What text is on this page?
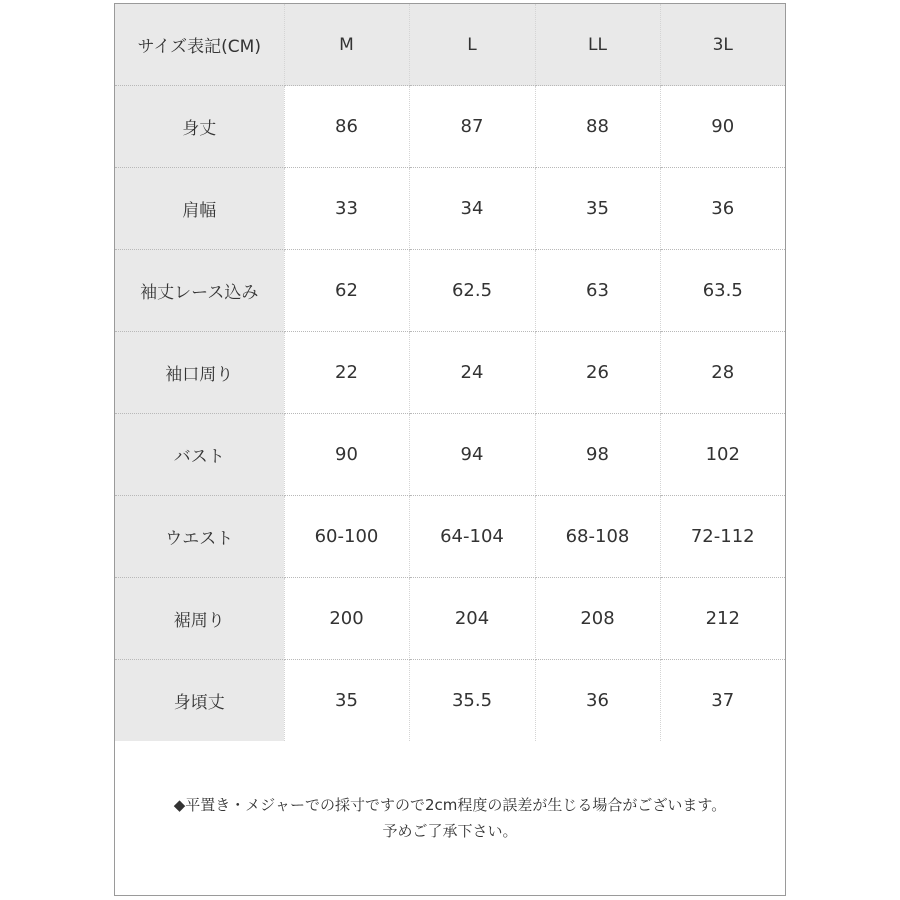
サイズ表記(CM)	M	L	LL	3L
身丈	86	87	88	90
肩幅	33	34	35	36
袖丈レース込み	62	62.5	63	63.5
袖口周り	22	24	26	28
バスト	90	94	98	102
ウエスト	60-100	64-104	68-108	72-112
裾周り	200	204	208	212
身頃丈	35	35.5	36	37
◆平置き・メジャーでの採寸ですので2cm程度の誤差が生じる場合がございます。
予めご了承下さい。
